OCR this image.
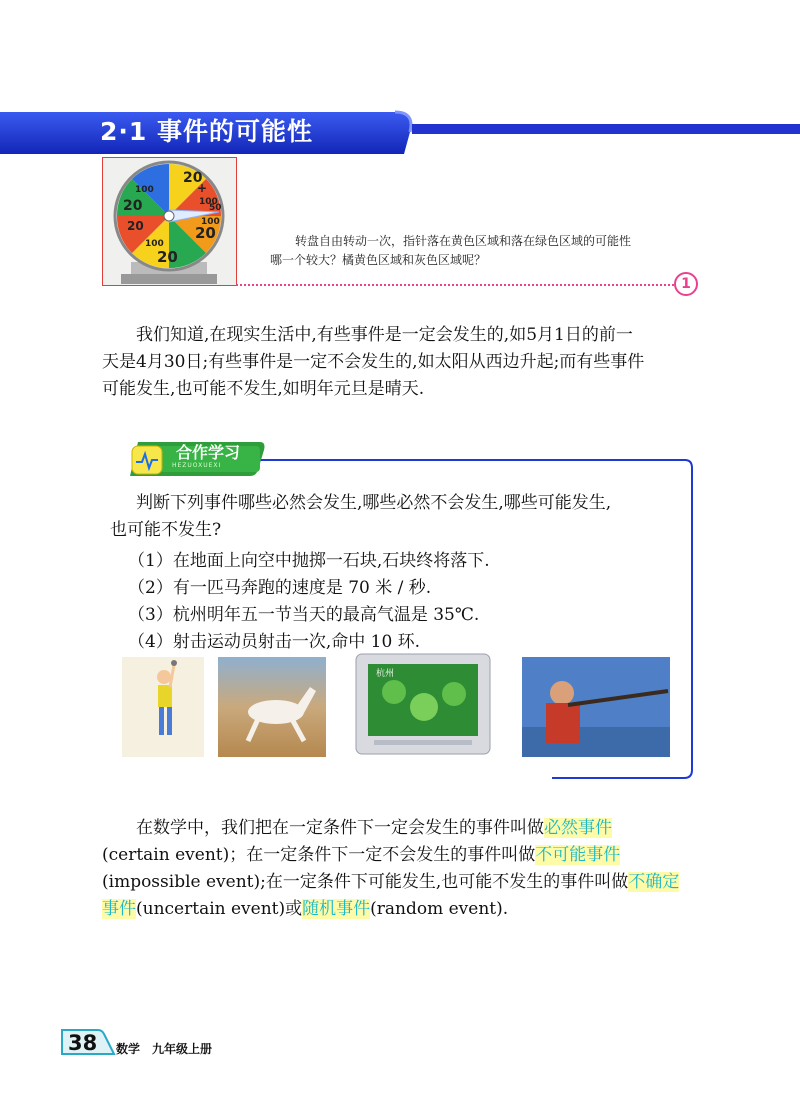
2·1 事件的可能性
20
100
20
100
50
20
20
100
20
100
+
转盘自由转动一次，指针落在黄色区域和落在绿色区域的可能性
哪一个较大？橘黄色区域和灰色区域呢？
1
我们知道,在现实生活中,有些事件是一定会发生的,如5月1日的前一
天是4月30日;有些事件是一定不会发生的,如太阳从西边升起;而有些事件
可能发生,也可能不发生,如明年元旦是晴天.
合作学习
HEZUOXUEXI
判断下列事件哪些必然会发生,哪些必然不会发生,哪些可能发生,
也可能不发生?
（1）在地面上向空中抛掷一石块,石块终将落下.
（2）有一匹马奔跑的速度是 70 米 / 秒.
（3）杭州明年五一节当天的最高气温是 35℃.
（4）射击运动员射击一次,命中 10 环.
杭州
在数学中，我们把在一定条件下一定会发生的事件叫做必然事件
(certain event)；在一定条件下一定不会发生的事件叫做不可能事件
(impossible event);在一定条件下可能发生,也可能不发生的事件叫做不确定
事件(uncertain event)或随机事件(random event).
38 数学　九年级上册
